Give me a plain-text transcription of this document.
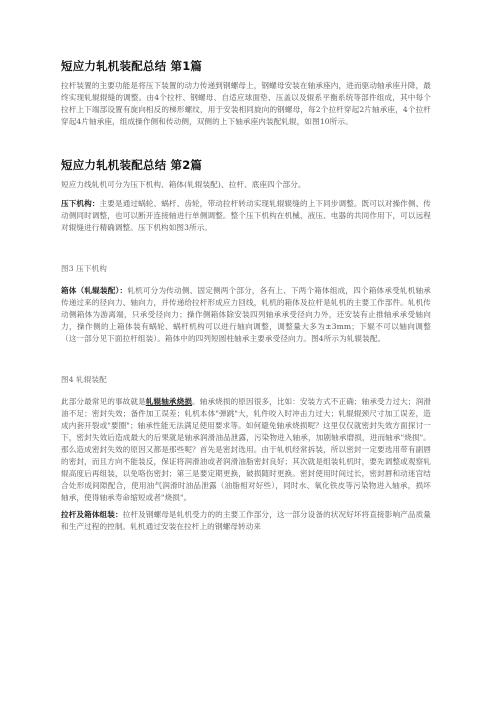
短应力轧机装配总结 第1篇

拉杆装置的主要功能是将压下装置的动力传递到钢螺母上，钢螺母安装在轴承座内，进而驱动轴承座升降，最终实现轧辊辊缝的调整。由4个拉杆、钢螺母、自适应球面垫、压盖以及辊系平衡系统等部件组成，其中每个拉杆上下端部设置有旋向相反的梯形螺纹，用于安装相同旋向的钢螺母，每2个拉杆穿起2片轴承座，4个拉杆穿起4片轴承座，组成操作侧和传动侧，双侧的上下轴承座内装配轧辊，如图10所示。

短应力轧机装配总结 第2篇

短应力线轧机可分为压下机构、箱体(轧辊装配)、拉杆、底座四个部分。

压下机构：主要是通过蜗轮、蜗杆、齿轮，带动拉杆转动实现轧辊辊缝的上下同步调整。既可以对操作侧、传动侧同时调整，也可以断开连接轴进行单侧调整。整个压下机构在机械、液压、电器的共同作用下，可以远程对辊缝进行精确调整。压下机构如图3所示。

图3 压下机构

箱体（轧辊装配）：轧机可分为传动侧、固定侧两个部分，各有上、下两个箱体组成，四个箱体承受轧机轴承传递过来的径向力、轴向力，并传递给拉杆形成应力回线，轧机的箱体及拉杆是轧机的主要工作部件。轧机传动侧箱体为游离端，只承受径向力；操作侧箱体除安装四列轴承承受径向力外，还安装有止推轴承承受轴向力，操作侧的上箱体装有蜗轮、蜗杆机构可以进行轴向调整，调整量大多为±3mm；下辊不可以轴向调整（这一部分见下面拉杆组装）。箱体中的四列短圆柱轴承主要承受径向力。图4所示为轧辊装配。

图4 轧辊装配

此部分最常见的事故就是轧辊轴承烧损。轴承烧损的原因很多，比如：安装方式不正确；轴承受力过大；润滑油不足；密封失效；备件加工误差；轧机本体"弹跳"大，轧件咬入时冲击力过大；轧辊辊颈尺寸加工误差，造成内套开裂或"要圈"；轴承性能无法满足使用要求等。如何避免轴承烧损呢？这里仅仅就密封失效方面探讨一下，密封失效后造成最大的后果就是轴承润滑油品泄露，污染物进入轴承，加剧轴承磨损，进而轴承"烧损"。那么造成密封失效的原因又都是那些呢？首先是密封选用。由于轧机经常拆装，所以密封一定要选用带有副唇的密封，而且方向不能装反，保证将润滑油或者润滑油脂密封良好；其次就是组装轧机时，要先调整或观察轧辊高度后再组装，以免咯伤密封；第三是要定期更换，破损随时更换。密封使用时间过长，密封唇和动迷宫结合处形成间隙配合，使用油气润滑时油品泄露（油脂相对好些），同时水、氧化铁皮等污染物进入轴承，损坏轴承，使得轴承寿命缩短或者"烧损"。

拉杆及箱体组装：拉杆及钢螺母是轧机受力的的主要工作部分，这一部分设备的状况好坏将直接影响产品质量和生产过程的控制。轧机通过安装在拉杆上的钢螺母转动来
